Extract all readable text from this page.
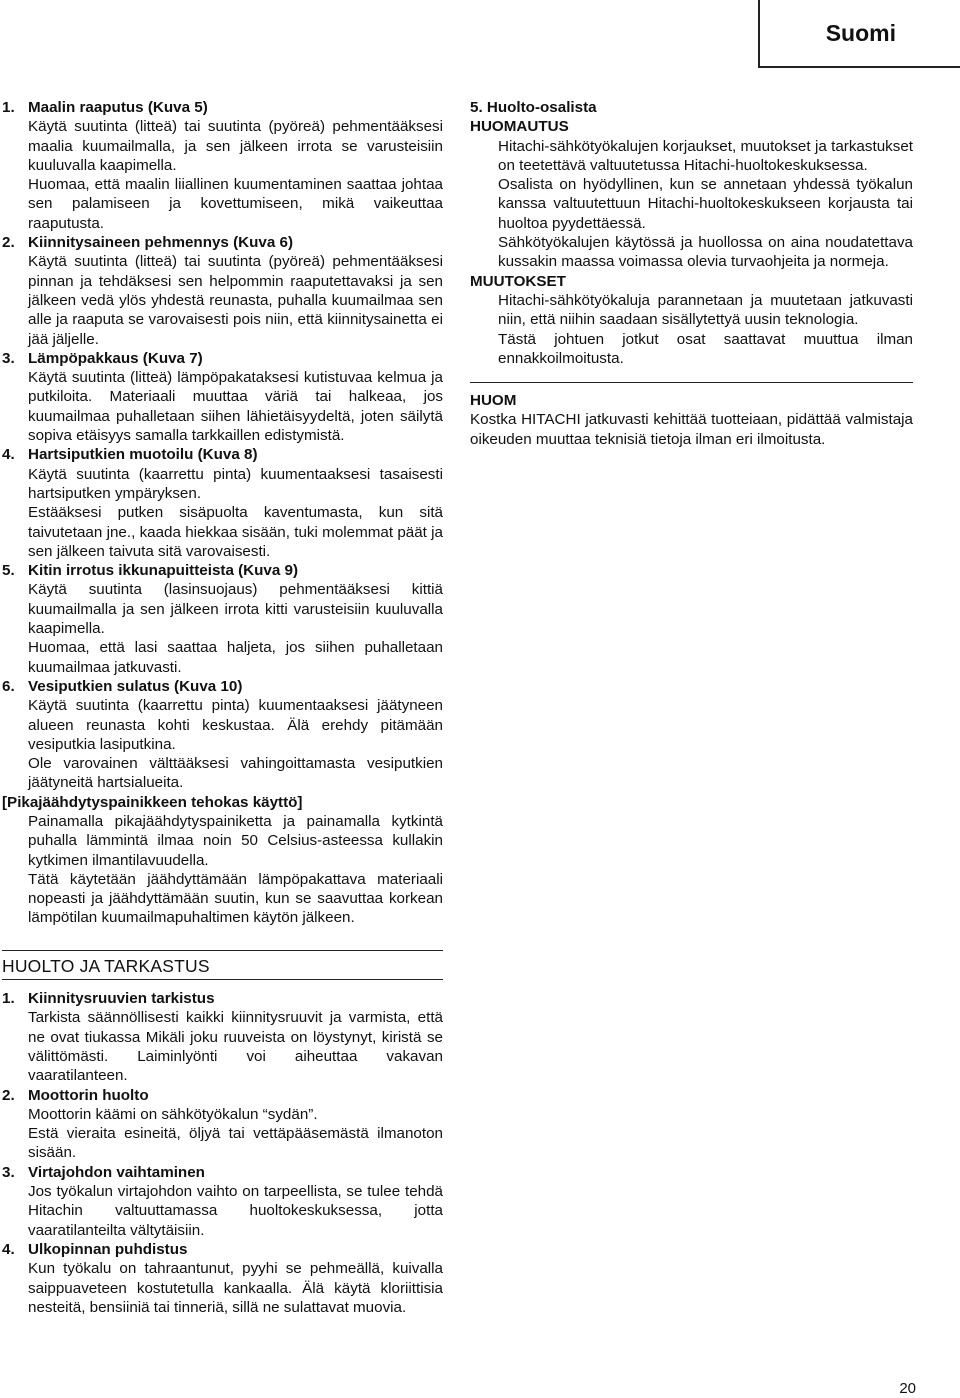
Suomi
1. Maalin raaputus (Kuva 5)

Käytä suutinta (litteä) tai suutinta (pyöreä) pehmentääksesi maalia kuumailmalla, ja sen jälkeen irrota se varusteisiin kuuluvalla kaapimella.

Huomaa, että maalin liiallinen kuumentaminen saattaa johtaa sen palamiseen ja kovettumiseen, mikä vaikeuttaa raaputusta.

2. Kiinnitysaineen pehmennys (Kuva 6)

Käytä suutinta (litteä) tai suutinta (pyöreä) pehmentääksesi pinnan ja tehdäksesi sen helpommin raaputettavaksi ja sen jälkeen vedä ylös yhdestä reunasta, puhalla kuumailmaa sen alle ja raaputa se varovaisesti pois niin, että kiinnitysainetta ei jää jäljelle.

3. Lämpöpakkaus (Kuva 7)

Käytä suutinta (litteä) lämpöpakataksesi kutistuvaa kelmua ja putkiloita. Materiaali muuttaa väriä tai halkeaa, jos kuumailmaa puhalletaan siihen lähietäisyydeltä, joten säilytä sopiva etäisyys samalla tarkkaillen edistymistä.

4. Hartsiputkien muotoilu (Kuva 8)

Käytä suutinta (kaarrettu pinta) kuumentaaksesi tasaisesti hartsiputken ympäryksen.

Estääksesi putken sisäpuolta kaventumasta, kun sitä taivutetaan jne., kaada hiekkaa sisään, tuki molemmat päät ja sen jälkeen taivuta sitä varovaisesti.

5. Kitin irrotus ikkunapuitteista (Kuva 9)

Käytä suutinta (lasinsuojaus) pehmentääksesi kittiä kuumailmalla ja sen jälkeen irrota kitti varusteisiin kuuluvalla kaapimella.

Huomaa, että lasi saattaa haljeta, jos siihen puhalletaan kuumailmaa jatkuvasti.

6. Vesiputkien sulatus (Kuva 10)

Käytä suutinta (kaarrettu pinta) kuumentaaksesi jäätyneen alueen reunasta kohti keskustaa. Älä erehdy pitämään vesiputkia lasiputkina.

Ole varovainen välttääksesi vahingoittamasta vesiputkien jäätyneitä hartsialueita.

[Pikajäähdytyspainikkeen tehokas käyttö]

Painamalla pikajäähdytyspainiketta ja painamalla kytkintä puhalla lämmintä ilmaa noin 50 Celsius-asteessa kullakin kytkimen ilmantilavuudella.

Tätä käytetään jäähdyttämään lämpöpakattava materiaali nopeasti ja jäähdyttämään suutin, kun se saavuttaa korkean lämpötilan kuumailmapuhaltimen käytön jälkeen.

HUOLTO JA TARKASTUS
1. Kiinnitysruuvien tarkistus

Tarkista säännöllisesti kaikki kiinnitysruuvit ja varmista, että ne ovat tiukassa Mikäli joku ruuveista on löystynyt, kiristä se välittömästi. Laiminlyönti voi aiheuttaa vakavan vaaratilanteen.

2. Moottorin huolto

Moottorin käämi on sähkötyökalun “sydän”.

Estä vieraita esineitä, öljyä tai vettäpääsemästä ilmanoton sisään.

3. Virtajohdon vaihtaminen

Jos työkalun virtajohdon vaihto on tarpeellista, se tulee tehdä Hitachin valtuuttamassa huoltokeskuksessa, jotta vaaratilanteilta vältytäisiin.

4. Ulkopinnan puhdistus

Kun työkalu on tahraantunut, pyyhi se pehmeällä, kuivalla saippuaveteen kostutetulla kankaalla. Älä käytä kloriittisia nesteitä, bensiiniä tai tinneriä, sillä ne sulattavat muovia.

5. Huolto-osalista
HUOMAUTUS

Hitachi-sähkötyökalujen korjaukset, muutokset ja tarkastukset on teetettävä valtuutetussa Hitachi-huoltokeskuksessa.

Osalista on hyödyllinen, kun se annetaan yhdessä työkalun kanssa valtuutettuun Hitachi-huoltokeskukseen korjausta tai huoltoa pyydettäessä.

Sähkötyökalujen käytössä ja huollossa on aina noudatettava kussakin maassa voimassa olevia turvaohjeita ja normeja.

MUUTOKSET

Hitachi-sähkötyökaluja parannetaan ja muutetaan jatkuvasti niin, että niihin saadaan sisällytettyä uusin teknologia.

Tästä johtuen jotkut osat saattavat muuttua ilman ennakkoilmoitusta.

HUOM

Kostka HITACHI jatkuvasti kehittää tuotteiaan, pidättää valmistaja oikeuden muuttaa teknisiä tietoja ilman eri ilmoitusta.

20
